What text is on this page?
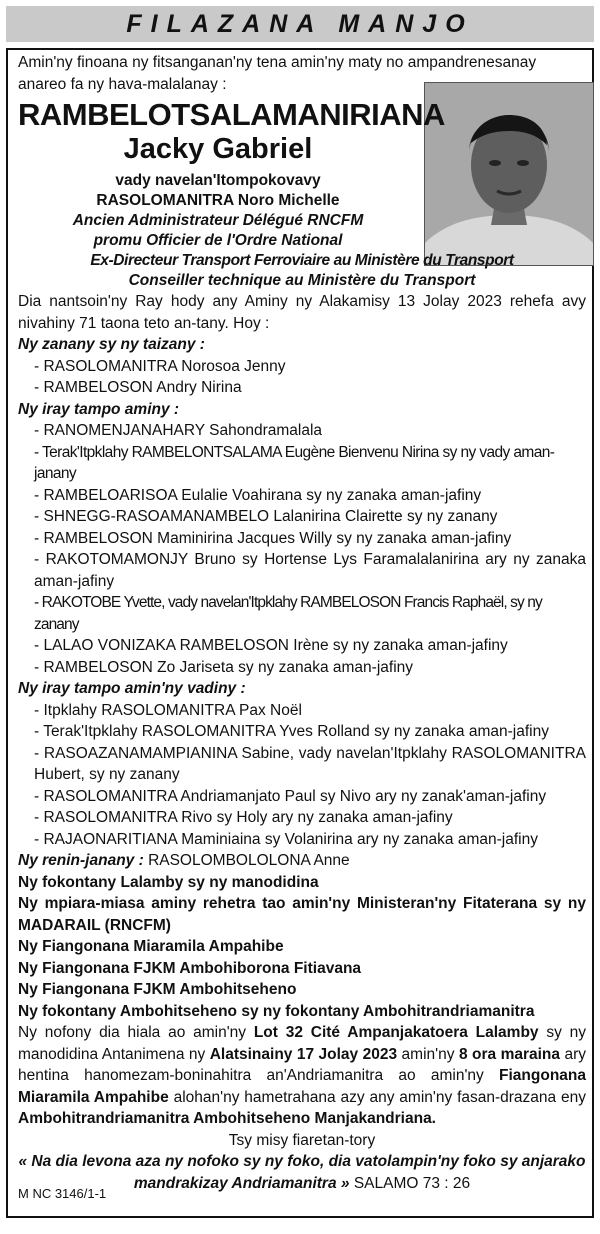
FILAZANA MANJO

Amin'ny finoana ny fitsanganan'ny tena amin'ny maty no ampandrenesanay anareo fa ny hava-malalanay :

RAMBELOTSALAMANIRIANA
Jacky Gabriel
vady navelan'Itompokovavy
RASOLOMANITRA Noro Michelle
Ancien Administrateur Délégué RNCFM
promu Officier de l'Ordre National
Ex-Directeur Transport Ferroviaire au Ministère du Transport
Conseiller technique au Ministère du Transport

Dia nantsoin'ny Ray hody any Aminy ny Alakamisy 13 Jolay 2023 rehefa avy nivahiny 71 taona teto an-tany. Hoy :

Ny zanany sy ny taizany :

- RASOLOMANITRA Norosoa Jenny

- RAMBELOSON Andry Nirina

Ny iray tampo aminy :

- RANOMENJANAHARY Sahondramalala

- Terak'Itpklahy RAMBELONTSALAMA Eugène Bienvenu Nirina sy ny vady aman-janany

- RAMBELOARISOA Eulalie Voahirana sy ny zanaka aman-jafiny

- SHNEGG-RASOAMANAMBELO Lalanirina Clairette sy ny zanany

- RAMBELOSON Maminirina Jacques Willy sy ny zanaka aman-jafiny

- RAKOTOMAMONJY Bruno sy Hortense Lys Faramalalanirina ary ny zanaka aman-jafiny

- RAKOTOBE Yvette, vady navelan'Itpklahy RAMBELOSON Francis Raphaël, sy ny zanany

- LALAO VONIZAKA RAMBELOSON Irène sy ny zanaka aman-jafiny

- RAMBELOSON Zo Jariseta sy ny zanaka aman-jafiny

Ny iray tampo amin'ny vadiny :

- Itpklahy RASOLOMANITRA Pax Noël

- Terak'Itpklahy RASOLOMANITRA Yves Rolland sy ny zanaka aman-jafiny

- RASOAZANAMAMPIANINA Sabine, vady navelan'Itpklahy RASOLOMANITRA Hubert, sy ny zanany

- RASOLOMANITRA Andriamanjato Paul sy Nivo ary ny zanak'aman-jafiny

- RASOLOMANITRA Rivo sy Holy ary ny zanaka aman-jafiny

- RAJAONARITIANA Maminiaina sy Volanirina ary ny zanaka aman-jafiny

Ny renin-janany : RASOLOMBOLOLONA Anne

Ny fokontany Lalamby sy ny manodidina

Ny mpiara-miasa aminy rehetra tao amin'ny Ministeran'ny Fitaterana sy ny MADARAIL (RNCFM)

Ny Fiangonana Miaramila Ampahibe

Ny Fiangonana FJKM Ambohiborona Fitiavana

Ny Fiangonana FJKM Ambohitseheno

Ny fokontany Ambohitseheno sy ny fokontany Ambohitrandriamanitra

Ny nofony dia hiala ao amin'ny Lot 32 Cité Ampanjakatoera Lalamby sy ny manodidina Antanimena ny Alatsinainy 17 Jolay 2023 amin'ny 8 ora maraina ary hentina hanomezam-boninahitra an'Andriamanitra ao amin'ny Fiangonana Miaramila Ampahibe alohan'ny hametrahana azy any amin'ny fasan-drazana eny Ambohitrandriamanitra Ambohitseheno Manjakandriana.

Tsy misy fiaretan-tory

« Na dia levona aza ny nofoko sy ny foko, dia vatolampin'ny foko sy anjarako mandrakizay Andriamanitra » SALAMO 73 : 26

M NC 3146/1-1
